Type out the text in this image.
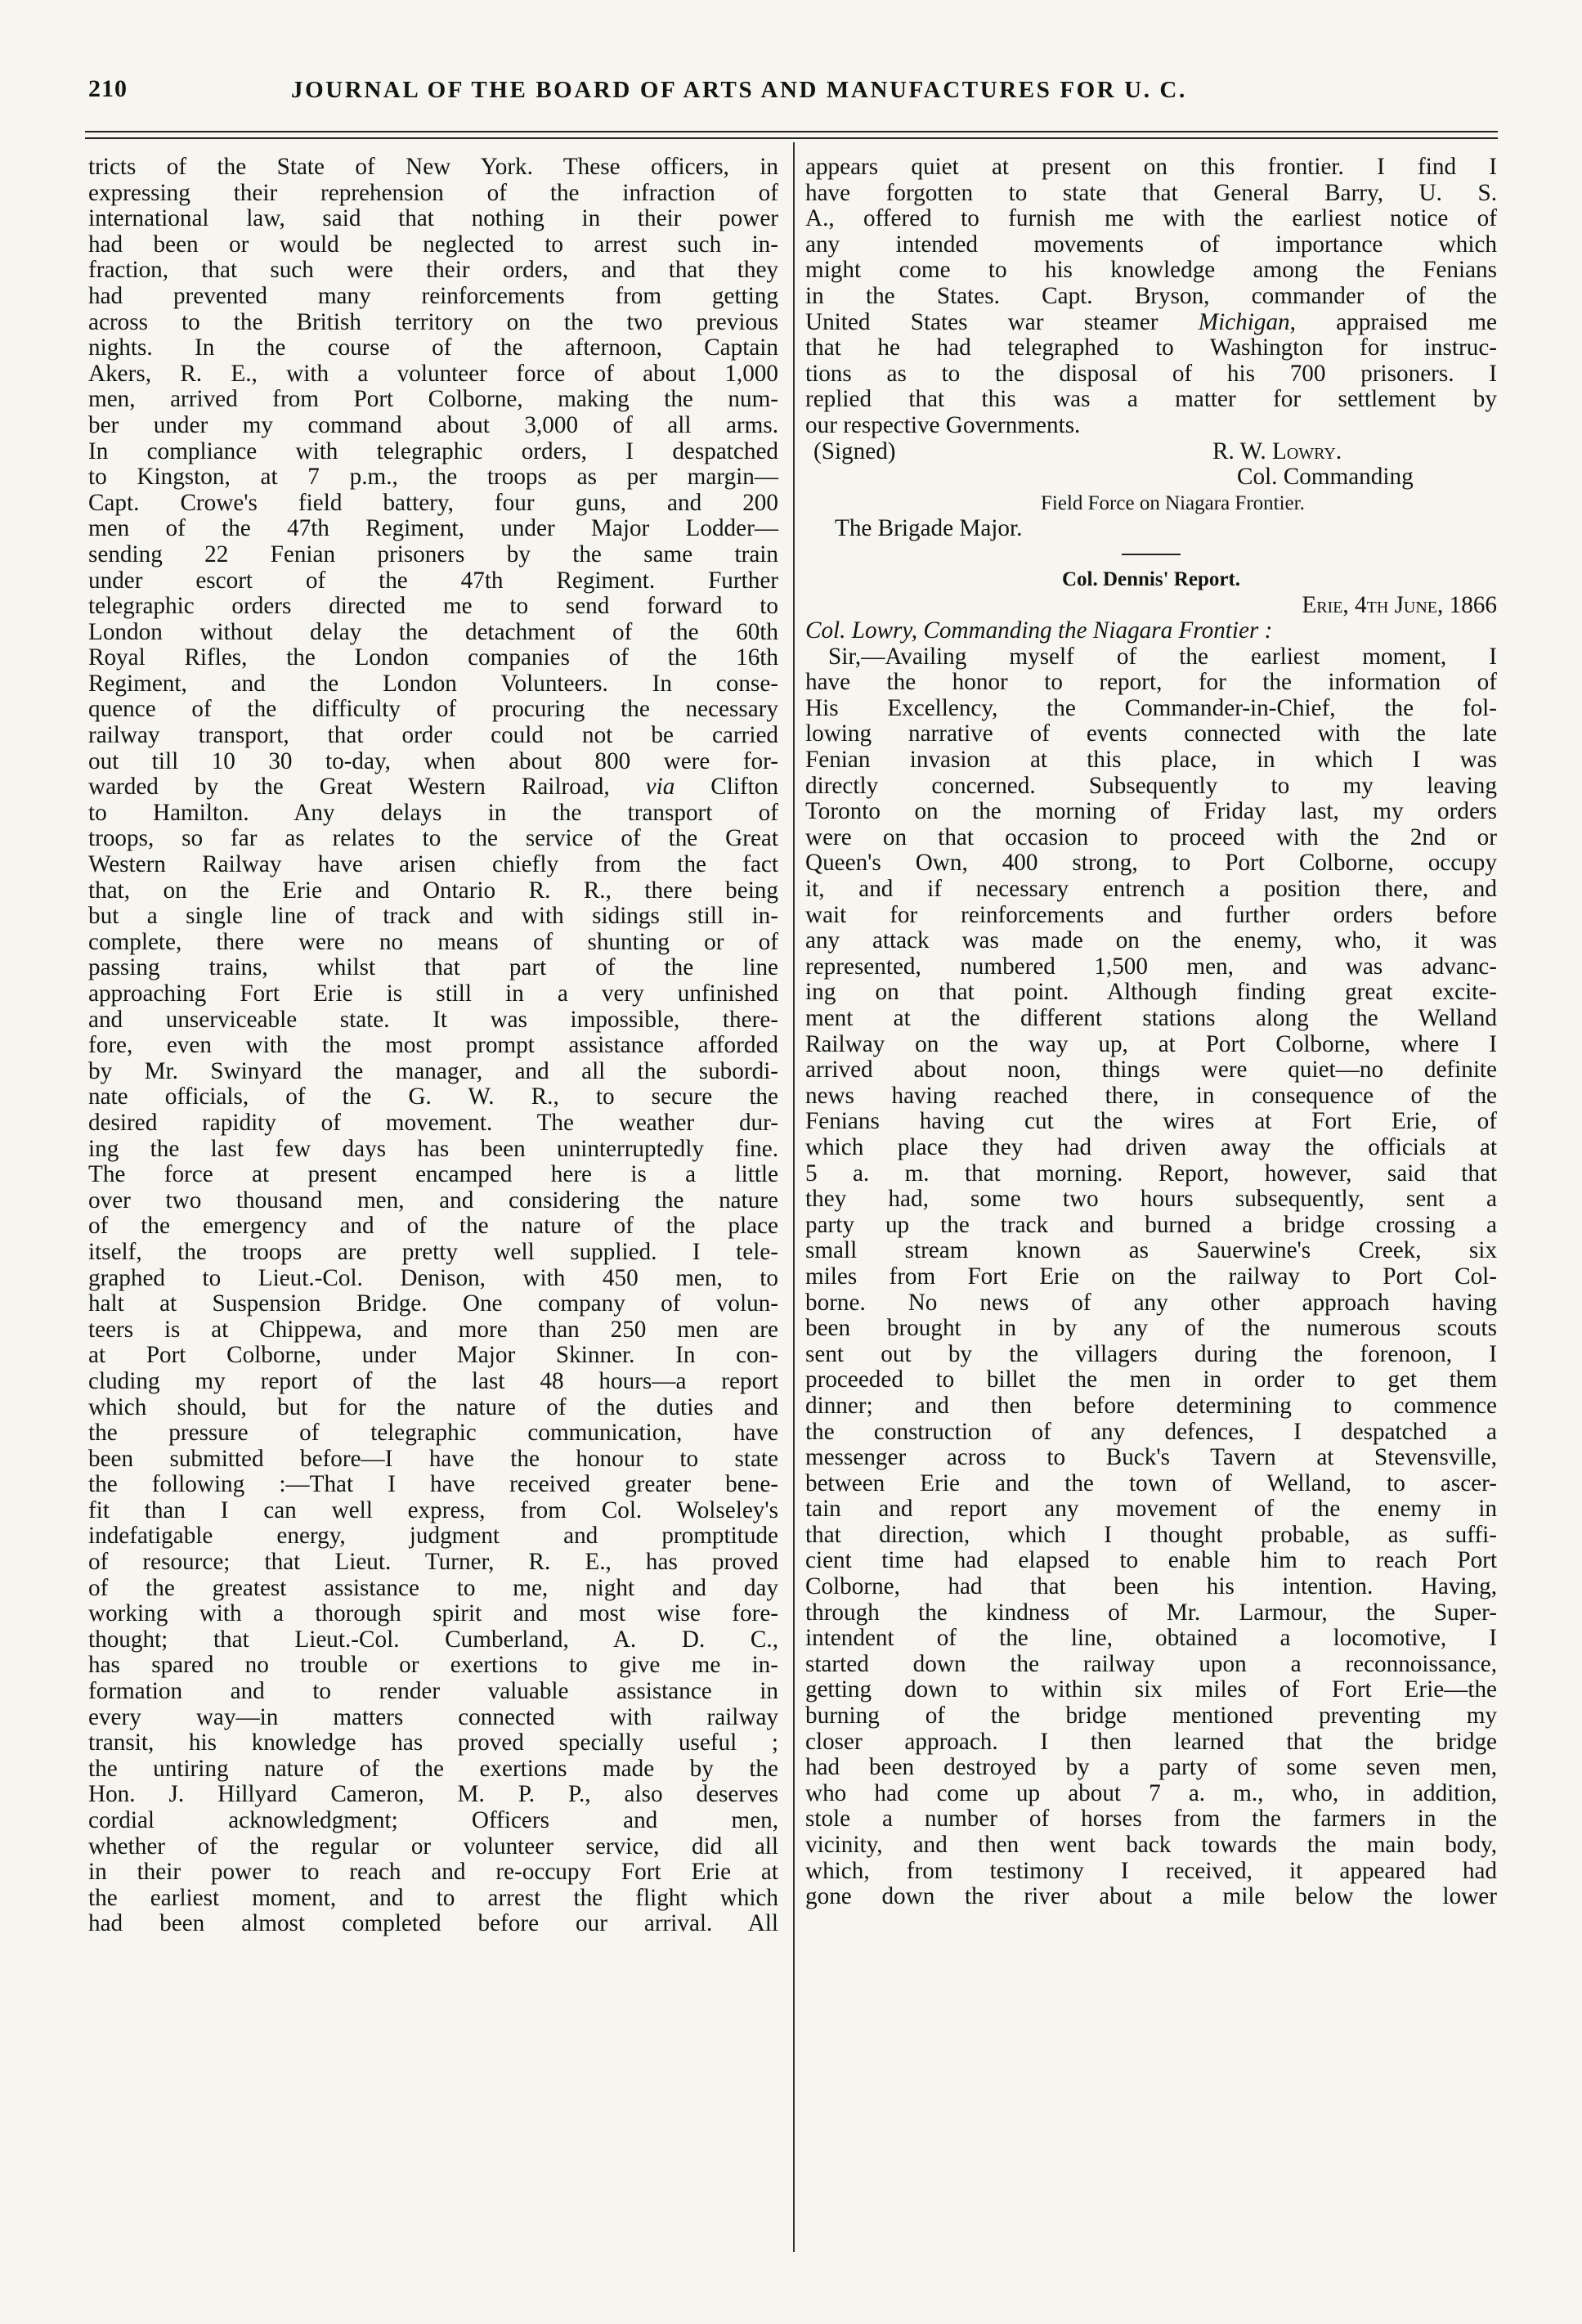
210	JOURNAL OF THE BOARD OF ARTS AND MANUFACTURES FOR U. C.

tricts of the State of New York. These officers, in

expressing their reprehension of the infraction of

international law, said that nothing in their power

had been or would be neglected to arrest such in-

fraction, that such were their orders, and that they

had prevented many reinforcements from getting

across to the British territory on the two previous

nights. In the course of the afternoon, Captain

Akers, R. E., with a volunteer force of about 1,000

men, arrived from Port Colborne, making the num-

ber under my command about 3,000 of all arms.

In compliance with telegraphic orders, I despatched

to Kingston, at 7 p.m., the troops as per margin—

Capt. Crowe's field battery, four guns, and 200

men of the 47th Regiment, under Major Lodder—

sending 22 Fenian prisoners by the same train

under escort of the 47th Regiment. Further

telegraphic orders directed me to send forward to

London without delay the detachment of the 60th

Royal Rifles, the London companies of the 16th

Regiment, and the London Volunteers. In conse-

quence of the difficulty of procuring the necessary

railway transport, that order could not be carried

out till 10 30 to-day, when about 800 were for-

warded by the Great Western Railroad, via Clifton

to Hamilton. Any delays in the transport of

troops, so far as relates to the service of the Great

Western Railway have arisen chiefly from the fact

that, on the Erie and Ontario R. R., there being

but a single line of track and with sidings still in-

complete, there were no means of shunting or of

passing trains, whilst that part of the line

approaching Fort Erie is still in a very unfinished

and unserviceable state. It was impossible, there-

fore, even with the most prompt assistance afforded

by Mr. Swinyard the manager, and all the subordi-

nate officials, of the G. W. R., to secure the

desired rapidity of movement. The weather dur-

ing the last few days has been uninterruptedly fine.

The force at present encamped here is a little

over two thousand men, and considering the nature

of the emergency and of the nature of the place

itself, the troops are pretty well supplied. I tele-

graphed to Lieut.-Col. Denison, with 450 men, to

halt at Suspension Bridge. One company of volun-

teers is at Chippewa, and more than 250 men are

at Port Colborne, under Major Skinner. In con-

cluding my report of the last 48 hours—a report

which should, but for the nature of the duties and

the pressure of telegraphic communication, have

been submitted before—I have the honour to state

the following :—That I have received greater bene-

fit than I can well express, from Col. Wolseley's

indefatigable energy, judgment and promptitude

of resource; that Lieut. Turner, R. E., has proved

of the greatest assistance to me, night and day

working with a thorough spirit and most wise fore-

thought; that Lieut.-Col. Cumberland, A. D. C.,

has spared no trouble or exertions to give me in-

formation and to render valuable assistance in

every way—in matters connected with railway

transit, his knowledge has proved specially useful ;

the untiring nature of the exertions made by the

Hon. J. Hillyard Cameron, M. P. P., also deserves

cordial acknowledgment; Officers and men,

whether of the regular or volunteer service, did all

in their power to reach and re-occupy Fort Erie at

the earliest moment, and to arrest the flight which

had been almost completed before our arrival. All

appears quiet at present on this frontier. I find I

have forgotten to state that General Barry, U. S.

A., offered to furnish me with the earliest notice of

any intended movements of importance which

might come to his knowledge among the Fenians

in the States. Capt. Bryson, commander of the

United States war steamer Michigan, appraised me

that he had telegraphed to Washington for instruc-

tions as to the disposal of his 700 prisoners. I

replied that this was a matter for settlement by

our respective Governments.

(Signed)	R. W. Lowry.
Col. Commanding
Field Force on Niagara Frontier.
The Brigade Major.

Col. Dennis' Report.

Erie, 4th June, 1866

Col. Lowry, Commanding the Niagara Frontier :

Sir,—Availing myself of the earliest moment, I

have the honor to report, for the information of

His Excellency, the Commander-in-Chief, the fol-

lowing narrative of events connected with the late

Fenian invasion at this place, in which I was

directly concerned. Subsequently to my leaving

Toronto on the morning of Friday last, my orders

were on that occasion to proceed with the 2nd or

Queen's Own, 400 strong, to Port Colborne, occupy

it, and if necessary entrench a position there, and

wait for reinforcements and further orders before

any attack was made on the enemy, who, it was

represented, numbered 1,500 men, and was advanc-

ing on that point. Although finding great excite-

ment at the different stations along the Welland

Railway on the way up, at Port Colborne, where I

arrived about noon, things were quiet—no definite

news having reached there, in consequence of the

Fenians having cut the wires at Fort Erie, of

which place they had driven away the officials at

5 a. m. that morning. Report, however, said that

they had, some two hours subsequently, sent a

party up the track and burned a bridge crossing a

small stream known as Sauerwine's Creek, six

miles from Fort Erie on the railway to Port Col-

borne. No news of any other approach having

been brought in by any of the numerous scouts

sent out by the villagers during the forenoon, I

proceeded to billet the men in order to get them

dinner; and then before determining to commence

the construction of any defences, I despatched a

messenger across to Buck's Tavern at Stevensville,

between Erie and the town of Welland, to ascer-

tain and report any movement of the enemy in

that direction, which I thought probable, as suffi-

cient time had elapsed to enable him to reach Port

Colborne, had that been his intention. Having,

through the kindness of Mr. Larmour, the Super-

intendent of the line, obtained a locomotive, I

started down the railway upon a reconnoissance,

getting down to within six miles of Fort Erie—the

burning of the bridge mentioned preventing my

closer approach. I then learned that the bridge

had been destroyed by a party of some seven men,

who had come up about 7 a. m., who, in addition,

stole a number of horses from the farmers in the

vicinity, and then went back towards the main body,

which, from testimony I received, it appeared had

gone down the river about a mile below the lower
